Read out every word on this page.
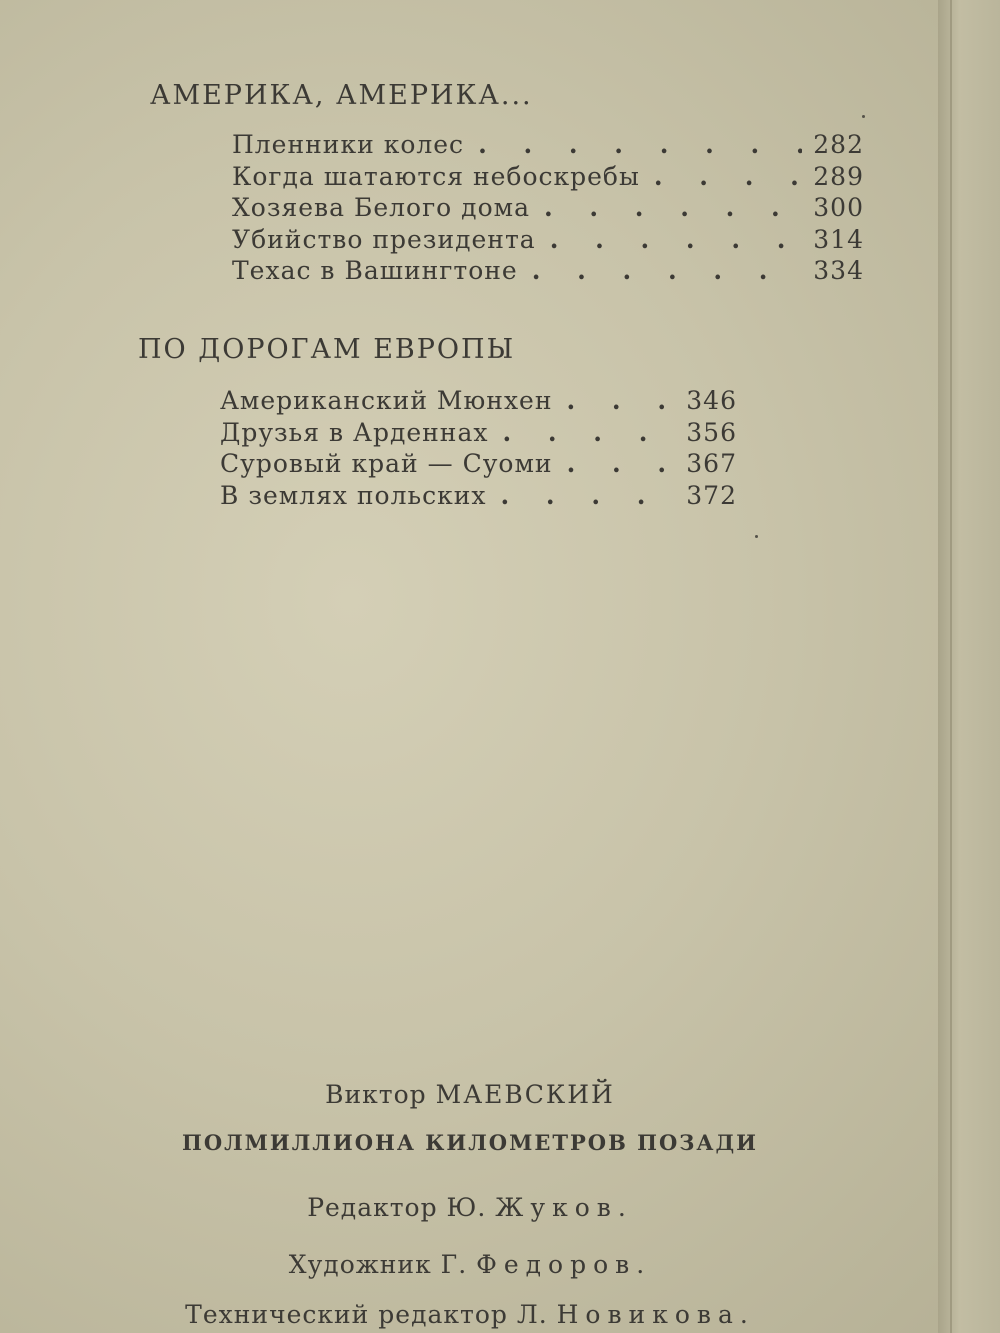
АМЕРИКА, АМЕРИКА...
Пленники колес . . .	282
Когда шатаются небоскребы . . .	289
Хозяева Белого дома . . .	300
Убийство президента . . .	314
Техас в Вашингтоне . . .	334
ПО ДОРОГАМ ЕВРОПЫ
Американский Мюнхен . . .	346
Друзья в Арденнах . . .	356
Суровый край — Суоми . . .	367
В землях польских . . .	372

Виктор МАЕВСКИЙ

ПОЛМИЛЛИОНА КИЛОМЕТРОВ ПОЗАДИ

Редактор Ю. Жуков.

Художник Г. Федоров.

Технический редактор Л. Новикова.
